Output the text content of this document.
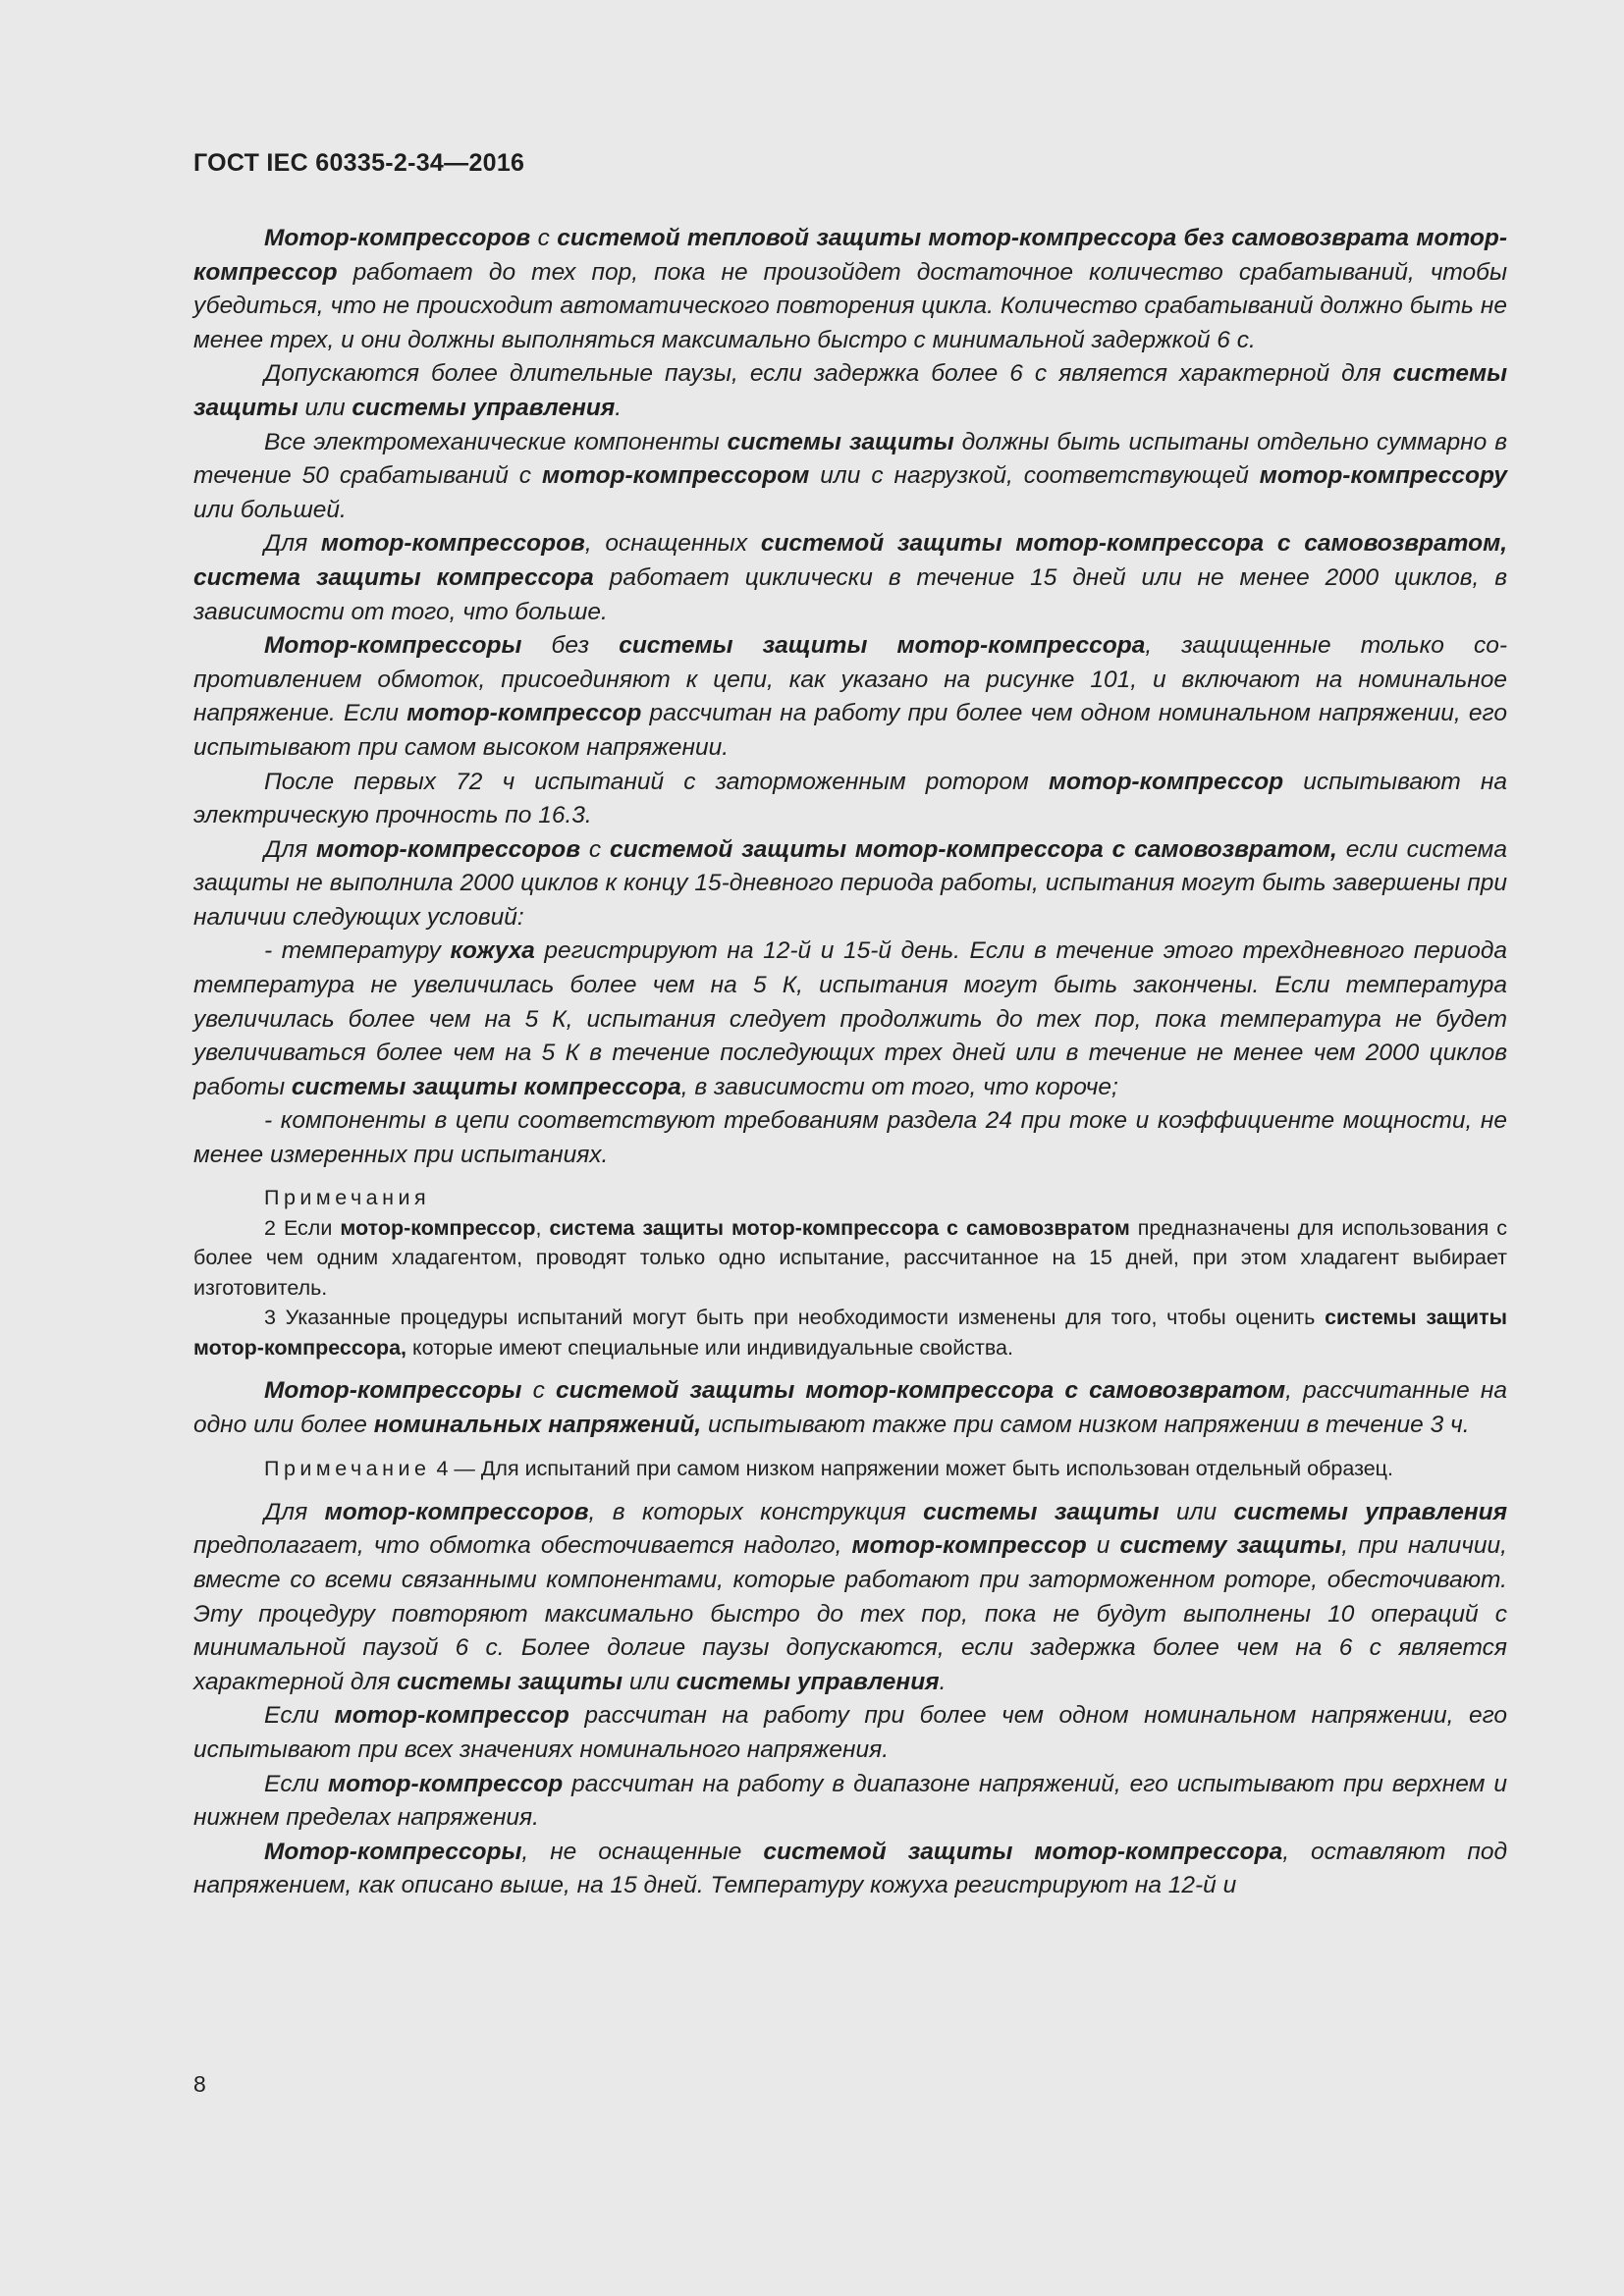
ГОСТ IEC 60335-2-34—2016

Мотор-компрессоров с системой тепловой защиты мотор-компрессора без самовозврата мотор-компрессор работает до тех пор, пока не произойдет достаточное количество срабатываний, чтобы убедиться, что не происходит автоматического повторения цикла. Количество срабатываний должно быть не менее трех, и они должны выполняться максимально быстро с минимальной задержкой 6 с.

Допускаются более длительные паузы, если задержка более 6 с является характерной для системы защиты или системы управления.

Все электромеханические компоненты системы защиты должны быть испытаны отдельно суммарно в течение 50 срабатываний с мотор-компрессором или с нагрузкой, соответствующей мотор-компрессору или большей.

Для мотор-компрессоров, оснащенных системой защиты мотор-компрессора с самовозвратом, система защиты компрессора работает циклически в течение 15 дней или не менее 2000 циклов, в зависимости от того, что больше.

Мотор-компрессоры без системы защиты мотор-компрессора, защищенные только сопротивлением обмоток, присоединяют к цепи, как указано на рисунке 101, и включают на номинальное напряжение. Если мотор-компрессор рассчитан на работу при более чем одном номинальном напряжении, его испытывают при самом высоком напряжении.

После первых 72 ч испытаний с заторможенным ротором мотор-компрессор испытывают на электрическую прочность по 16.3.

Для мотор-компрессоров с системой защиты мотор-компрессора с самовозвратом, если система защиты не выполнила 2000 циклов к концу 15-дневного периода работы, испытания могут быть завершены при наличии следующих условий:

- температуру кожуха регистрируют на 12-й и 15-й день. Если в течение этого трехдневного периода температура не увеличилась более чем на 5 К, испытания могут быть закончены. Если температура увеличилась более чем на 5 К, испытания следует продолжить до тех пор, пока температура не будет увеличиваться более чем на 5 К в течение последующих трех дней или в течение не менее чем 2000 циклов работы системы защиты компрессора, в зависимости от того, что короче;

- компоненты в цепи соответствуют требованиям раздела 24 при токе и коэффициенте мощности, не менее измеренных при испытаниях.

Примечания

2 Если мотор-компрессор, система защиты мотор-компрессора с самовозвратом предназначены для использования с более чем одним хладагентом, проводят только одно испытание, рассчитанное на 15 дней, при этом хладагент выбирает изготовитель.

3 Указанные процедуры испытаний могут быть при необходимости изменены для того, чтобы оценить системы защиты мотор-компрессора, которые имеют специальные или индивидуальные свойства.

Мотор-компрессоры с системой защиты мотор-компрессора с самовозвратом, рассчитанные на одно или более номинальных напряжений, испытывают также при самом низком напряжении в течение 3 ч.

Примечание 4 — Для испытаний при самом низком напряжении может быть использован отдельный образец.

Для мотор-компрессоров, в которых конструкция системы защиты или системы управления предполагает, что обмотка обесточивается надолго, мотор-компрессор и систему защиты, при наличии, вместе со всеми связанными компонентами, которые работают при заторможенном роторе, обесточивают. Эту процедуру повторяют максимально быстро до тех пор, пока не будут выполнены 10 операций с минимальной паузой 6 с. Более долгие паузы допускаются, если задержка более чем на 6 с является характерной для системы защиты или системы управления.

Если мотор-компрессор рассчитан на работу при более чем одном номинальном напряжении, его испытывают при всех значениях номинального напряжения.

Если мотор-компрессор рассчитан на работу в диапазоне напряжений, его испытывают при верхнем и нижнем пределах напряжения.

Мотор-компрессоры, не оснащенные системой защиты мотор-компрессора, оставляют под напряжением, как описано выше, на 15 дней. Температуру кожуха регистрируют на 12-й и

8
